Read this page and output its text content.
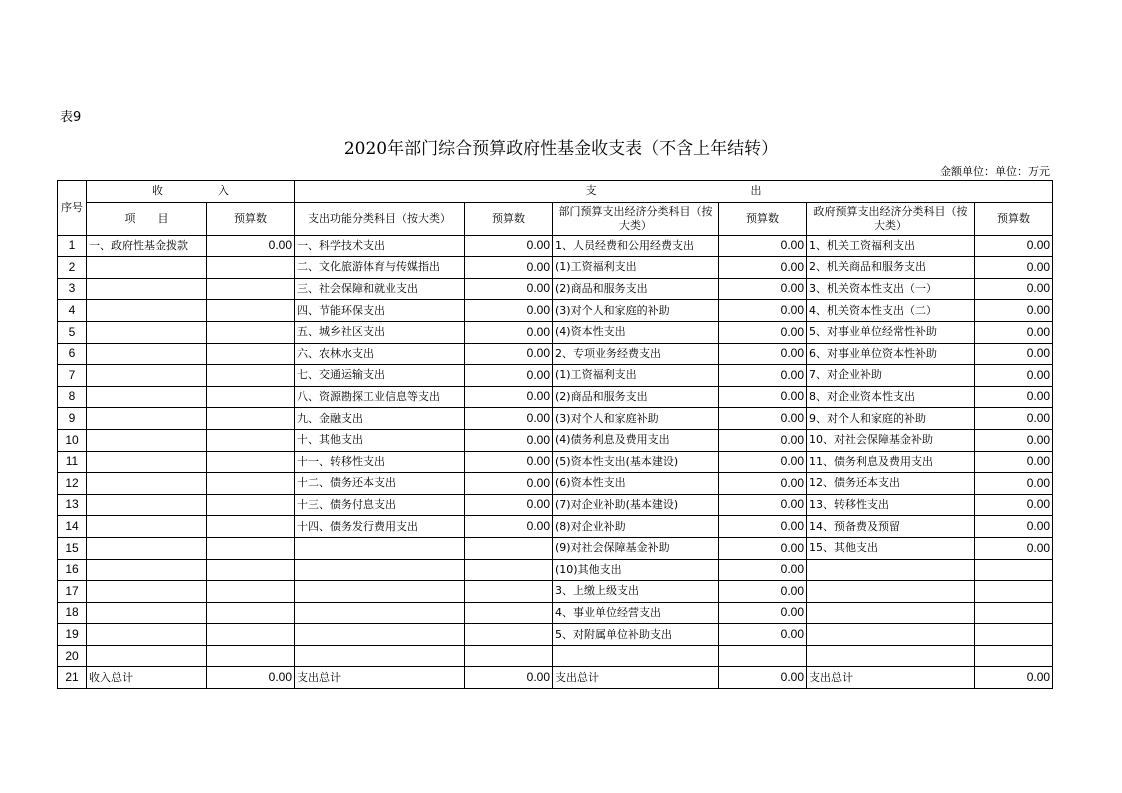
表9
2020年部门综合预算政府性基金收支表（不含上年结转）
金额单位：单位：万元
序号	收　　　　　入		支　　　　　　　　　　　　　　出					
	项　　目	预算数	支出功能分类科目（按大类）	预算数	部门预算支出经济分类科目（按大类）	预算数	政府预算支出经济分类科目（按大类）	预算数
1	一、政府性基金拨款	0.00	一、科学技术支出	0.00	1、人员经费和公用经费支出	0.00	1、机关工资福利支出	0.00
2			二、文化旅游体育与传媒指出	0.00	(1)工资福利支出	0.00	2、机关商品和服务支出	0.00
3			三、社会保障和就业支出	0.00	(2)商品和服务支出	0.00	3、机关资本性支出（一）	0.00
4			四、节能环保支出	0.00	(3)对个人和家庭的补助	0.00	4、机关资本性支出（二）	0.00
5			五、城乡社区支出	0.00	(4)资本性支出	0.00	5、对事业单位经常性补助	0.00
6			六、农林水支出	0.00	2、专项业务经费支出	0.00	6、对事业单位资本性补助	0.00
7			七、交通运输支出	0.00	(1)工资福利支出	0.00	7、对企业补助	0.00
8			八、资源勘探工业信息等支出	0.00	(2)商品和服务支出	0.00	8、对企业资本性支出	0.00
9			九、金融支出	0.00	(3)对个人和家庭补助	0.00	9、对个人和家庭的补助	0.00
10			十、其他支出	0.00	(4)债务利息及费用支出	0.00	10、对社会保障基金补助	0.00
11			十一、转移性支出	0.00	(5)资本性支出(基本建设)	0.00	11、债务利息及费用支出	0.00
12			十二、债务还本支出	0.00	(6)资本性支出	0.00	12、债务还本支出	0.00
13			十三、债务付息支出	0.00	(7)对企业补助(基本建设)	0.00	13、转移性支出	0.00
14			十四、债务发行费用支出	0.00	(8)对企业补助	0.00	14、预备费及预留	0.00
15					(9)对社会保障基金补助	0.00	15、其他支出	0.00
16					(10)其他支出	0.00		
17					3、上缴上级支出	0.00		
18					4、事业单位经营支出	0.00		
19					5、对附属单位补助支出	0.00		
20								
21	收入总计	0.00	支出总计	0.00	支出总计	0.00	支出总计	0.00
